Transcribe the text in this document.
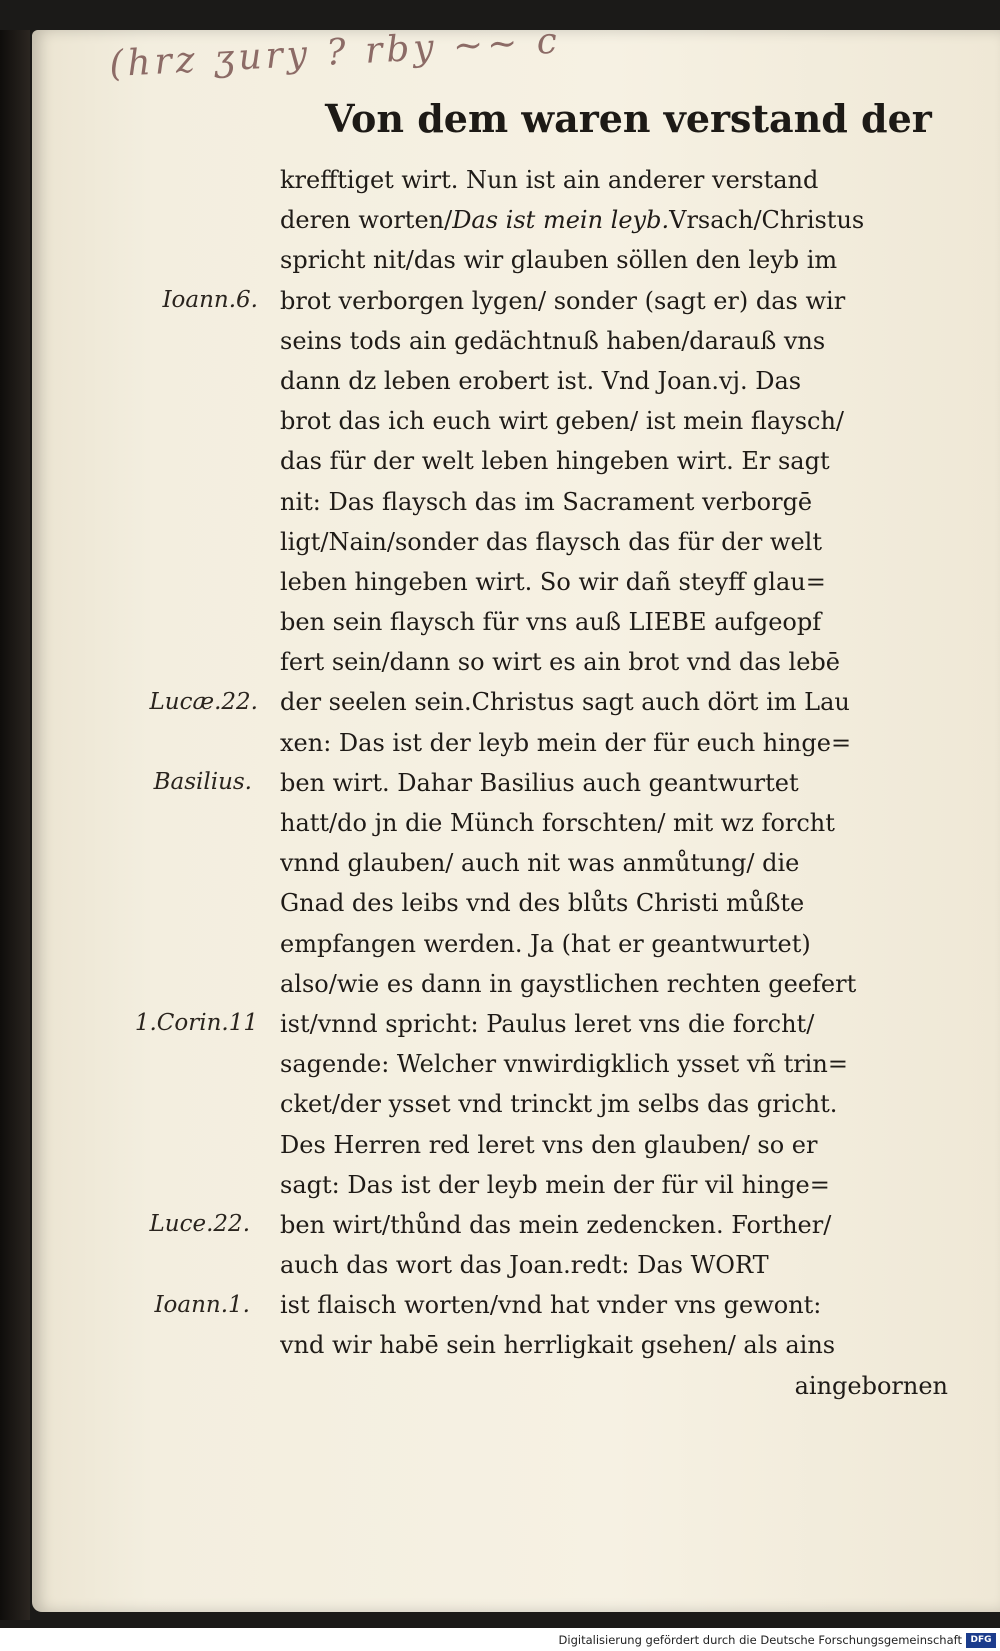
(hrz ʒury ? rby ~~ c
Von dem waren verstand der
krefftiget wirt. Nun ist ain anderer verstand
deren worten/Das ist mein leyb.Vrsach/Christus
spricht nit/das wir glauben söllen den leyb im
brot verborgen lygen/ sonder (sagt er) das wir
seins tods ain gedächtnuß haben/darauß vns
dann dz leben erobert ist. Vnd Joan.vj. Das
brot das ich euch wirt geben/ ist mein flaysch/
das für der welt leben hingeben wirt. Er sagt
nit: Das flaysch das im Sacrament verborgē
ligt/Nain/sonder das flaysch das für der welt
leben hingeben wirt. So wir dañ steyff glau=
ben sein flaysch für vns auß LIEBE aufgeopf
fert sein/dann so wirt es ain brot vnd das lebē
der seelen sein.Christus sagt auch dört im Lau
xen: Das ist der leyb mein der für euch hinge=
ben wirt. Dahar Basilius auch geantwurtet
hatt/do jn die Münch forschten/ mit wz forcht
vnnd glauben/ auch nit was anmůtung/ die
Gnad des leibs vnd des blůts Christi můßte
empfangen werden. Ja (hat er geantwurtet)
also/wie es dann in gaystlichen rechten geefert
ist/vnnd spricht: Paulus leret vns die forcht/
sagende: Welcher vnwirdigklich ysset vñ trin=
cket/der ysset vnd trinckt jm selbs das gricht.
Des Herren red leret vns den glauben/ so er
sagt: Das ist der leyb mein der für vil hinge=
ben wirt/thůnd das mein zedencken. Forther/
auch das wort das Joan.redt: Das WORT
ist flaisch worten/vnd hat vnder vns gewont:
vnd wir habē sein herrligkait gsehen/ als ains
aingebornen
Ioann.6.
Lucæ.22.
Basilius.
1.Corin.11
Luce.22.
Ioann.1.
Digitalisierung gefördert durch die Deutsche Forschungsgemeinschaft DFG
